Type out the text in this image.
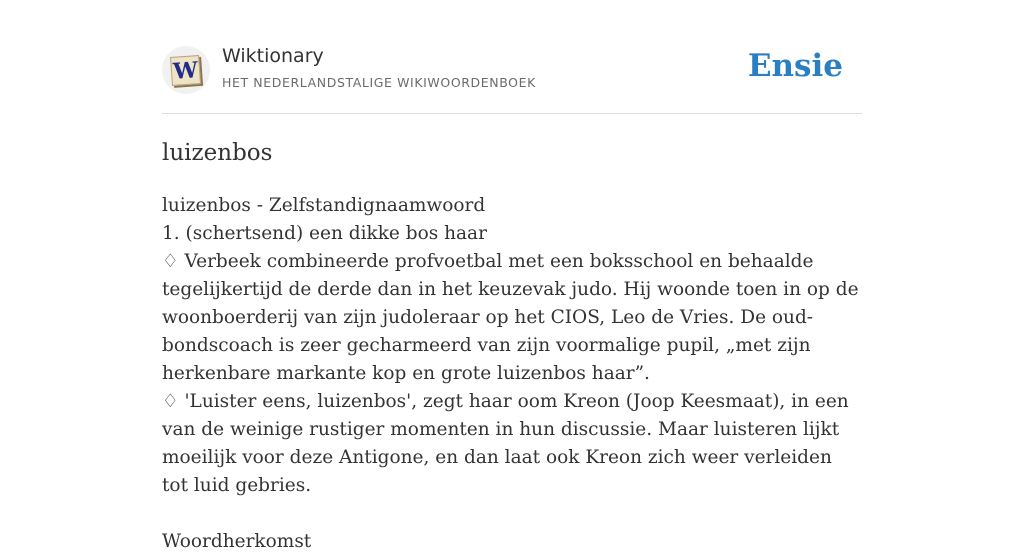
W
Wiktionary
HET NEDERLANDSTALIGE WIKIWOORDENBOEK	Ensie
luizenbos
luizenbos - Zelfstandignaamwoord
1. (schertsend) een dikke bos haar
♢ Verbeek combineerde profvoetbal met een boksschool en behaalde tegelijkertijd de derde dan in het keuzevak judo. Hij woonde toen in op de woonboerderij van zijn judoleraar op het CIOS, Leo de Vries. De oud-bondscoach is zeer gecharmeerd van zijn voormalige pupil, „met zijn herkenbare markante kop en grote luizenbos haar”.
♢ 'Luister eens, luizenbos', zegt haar oom Kreon (Joop Keesmaat), in een van de weinige rustiger momenten in hun discussie. Maar luisteren lijkt moeilijk voor deze Antigone, en dan laat ook Kreon zich weer verleiden tot luid gebries.
Woordherkomst
